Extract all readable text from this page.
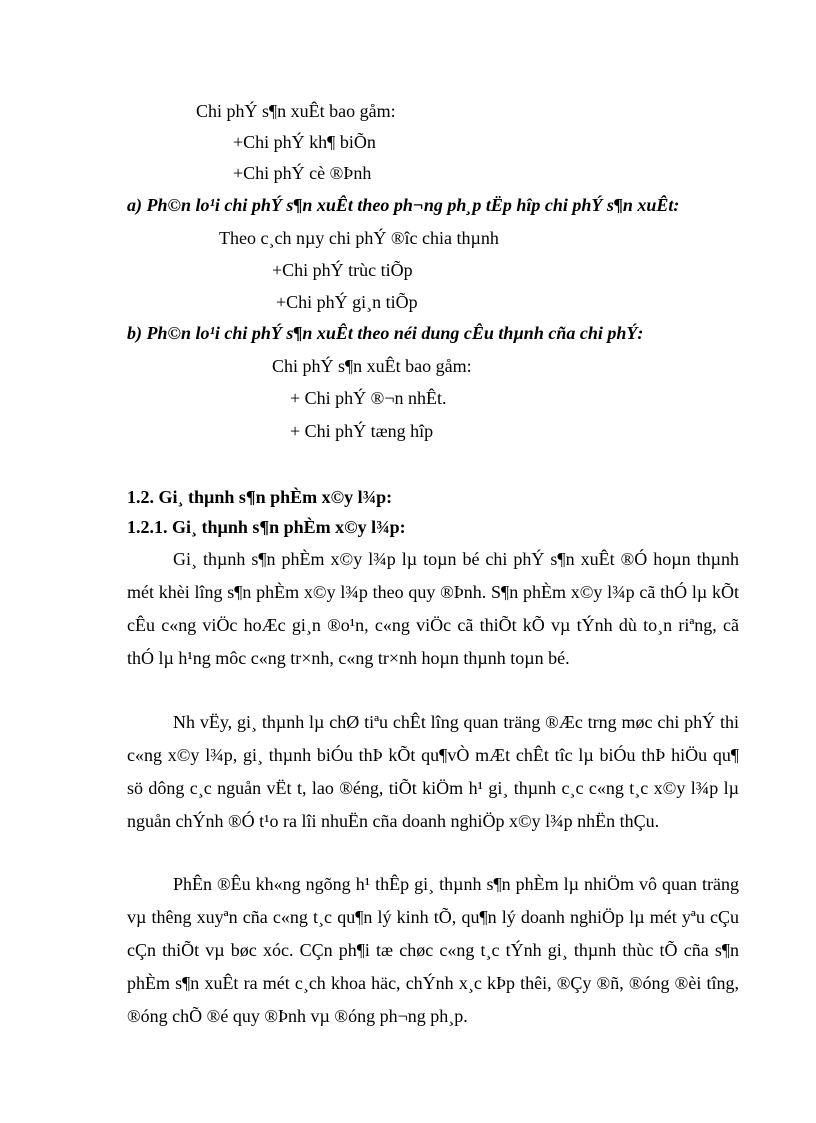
Chi phÝ s¶n xuÊt bao gåm:
+Chi phÝ kh¶ biÕn
+Chi phÝ cè ®Þnh
a) Ph©n lo¹i chi phÝ s¶n xuÊt theo ph¬ng ph¸p tËp hîp chi phÝ s¶n xuÊt:
Theo c¸ch nµy chi phÝ ®îc chia thµnh
+Chi phÝ trùc tiÕp
+Chi phÝ gi¸n tiÕp
b) Ph©n lo¹i chi phÝ s¶n xuÊt theo néi dung cÊu thµnh cña chi phÝ:
Chi phÝ s¶n xuÊt bao gåm:
+ Chi phÝ ®¬n nhÊt.
+ Chi phÝ tæng hîp
1.2. Gi¸ thµnh s¶n phÈm x©y l¾p:
1.2.1. Gi¸ thµnh s¶n phÈm x©y l¾p:

Gi¸ thµnh s¶n phÈm x©y l¾p lµ toµn bé chi phÝ s¶n xuÊt ®Ó hoµn thµnh mét khèi lîng s¶n phÈm x©y l¾p theo quy ®Þnh. S¶n phÈm x©y l¾p cã thÓ lµ kÕt cÊu c«ng viÖc hoÆc gi¸n ®o¹n, c«ng viÖc cã thiÕt kÕ vµ tÝnh dù to¸n riªng, cã thÓ lµ h¹ng môc c«ng tr×nh, c«ng tr×nh hoµn thµnh toµn bé.

Nh vËy, gi¸ thµnh lµ chØ tiªu chÊt lîng quan träng ®Æc trng møc chi phÝ thi c«ng x©y l¾p, gi¸ thµnh biÓu thÞ kÕt qu¶vÒ mÆt chÊt tîc lµ biÓu thÞ hiÖu qu¶ sö dông c¸c nguån vËt t, lao ®éng, tiÕt kiÖm h¹ gi¸ thµnh c¸c c«ng t¸c x©y l¾p lµ nguån chÝnh ®Ó t¹o ra lîi nhuËn cña doanh nghiÖp x©y l¾p nhËn thÇu.

PhÊn ®Êu kh«ng ngõng h¹ thÊp gi¸ thµnh s¶n phÈm lµ nhiÖm vô quan träng vµ thêng xuyªn cña c«ng t¸c qu¶n lý kinh tÕ, qu¶n lý doanh nghiÖp lµ mét yªu cÇu cÇn thiÕt vµ bøc xóc. CÇn ph¶i tæ chøc c«ng t¸c tÝnh gi¸ thµnh thùc tÕ cña s¶n phÈm s¶n xuÊt ra mét c¸ch khoa häc, chÝnh x¸c kÞp thêi, ®Çy ®ñ, ®óng ®èi tîng, ®óng chÕ ®é quy ®Þnh vµ ®óng ph¬ng ph¸p.
